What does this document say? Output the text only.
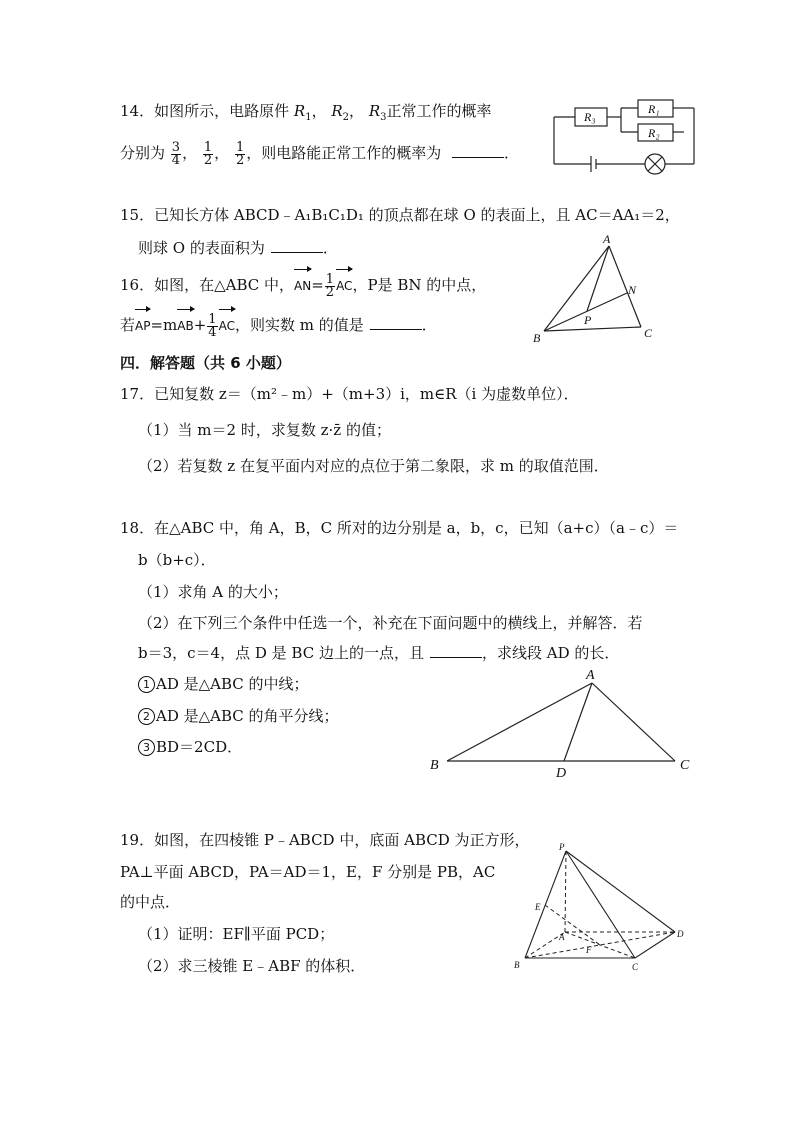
14．如图所示，电路原件 $R_1$， $R_2$， $R_3$正常工作的概率
分别为 $\frac{3}{4}$ ， $\frac{1}{2}$ ， $\frac{1}{2}$ ，则电路能正常工作的概率为	．
R₃
R₁
R₂
15．已知长方体 ABCD﹣A₁B₁C₁D₁ 的顶点都在球 O 的表面上，且 AC＝AA₁＝2，
则球 O 的表面积为	．
16．如图，在△ABC 中，$AN= \frac{1}{2}$ AC，P是 BN 的中点，
若$AP=mAB+ \frac{1}{4}$ AC，则实数 m 的值是	．
A
B	C
N
P
四．解答题（共 6 小题）
17．已知复数 z＝（m²﹣m）+（m+3）i，m∈R（i 为虚数单位）．
（1）当 m＝2 时，求复数 z·z̄ 的值；
（2）若复数 z 在复平面内对应的点位于第二象限，求 m 的取值范围．
18．在△ABC 中，角 A，B，C 所对的边分别是 a，b，c，已知（a+c）（a﹣c）＝
b（b+c）．
（1）求角 A 的大小；
（2）在下列三个条件中任选一个，补充在下面问题中的横线上，并解答．若
b＝3，c＝4，点 D 是 BC 边上的一点，且	，求线段 AD 的长．
1 AD 是△ABC 的中线；
2 AD 是△ABC 的角平分线；
3 BD＝2CD．
A
B	C
D
19．如图，在四棱锥 P﹣ABCD 中，底面 ABCD 为正方形，
PA⊥平面 ABCD，PA＝AD＝1，E，F 分别是 PB，AC
的中点．
（1）证明：EF∥平面 PCD；
（2）求三棱锥 E﹣ABF 的体积．
P
A
B	C
D
E
F
